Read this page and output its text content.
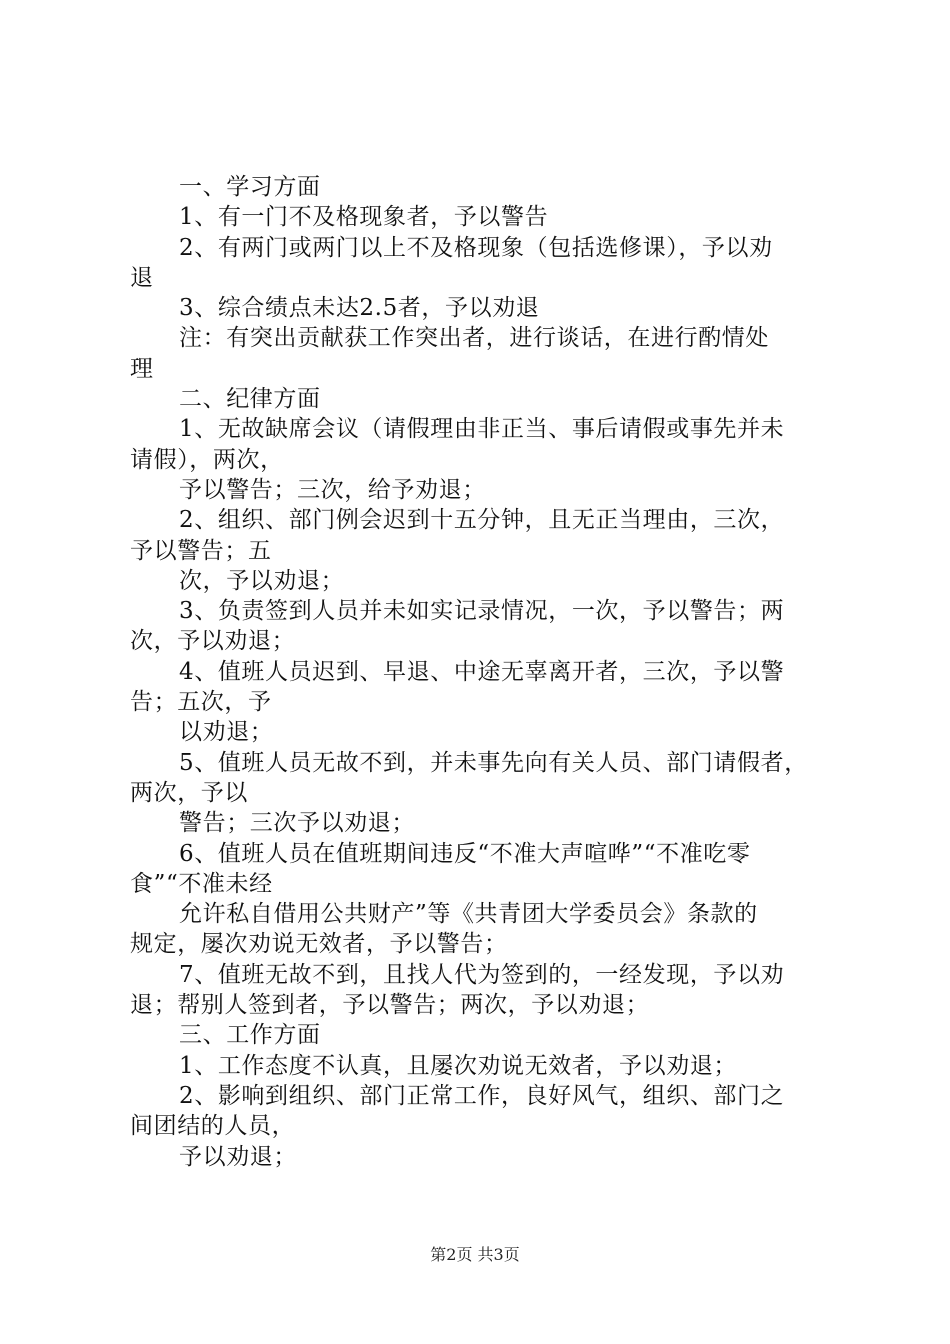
一、学习方面
1、有一门不及格现象者，予以警告
2、有两门或两门以上不及格现象（包括选修课），予以劝
退
3、综合绩点未达2.5者，予以劝退
注：有突出贡献获工作突出者，进行谈话，在进行酌情处
理
二、纪律方面
1、无故缺席会议（请假理由非正当、事后请假或事先并未
请假），两次，
予以警告；三次，给予劝退；
2、组织、部门例会迟到十五分钟，且无正当理由，三次，
予以警告；五
次，予以劝退；
3、负责签到人员并未如实记录情况，一次，予以警告；两
次，予以劝退；
4、值班人员迟到、早退、中途无辜离开者，三次，予以警
告；五次，予
以劝退；
5、值班人员无故不到，并未事先向有关人员、部门请假者，
两次，予以
警告；三次予以劝退；
6、值班人员在值班期间违反“不准大声喧哗”“不准吃零
食”“不准未经
允许私自借用公共财产”等《共青团大学委员会》条款的
规定，屡次劝说无效者，予以警告；
7、值班无故不到，且找人代为签到的，一经发现，予以劝
退；帮别人签到者，予以警告；两次，予以劝退；
三、工作方面
1、工作态度不认真，且屡次劝说无效者，予以劝退；
2、影响到组织、部门正常工作，良好风气，组织、部门之
间团结的人员，
予以劝退；
第2页 共3页
